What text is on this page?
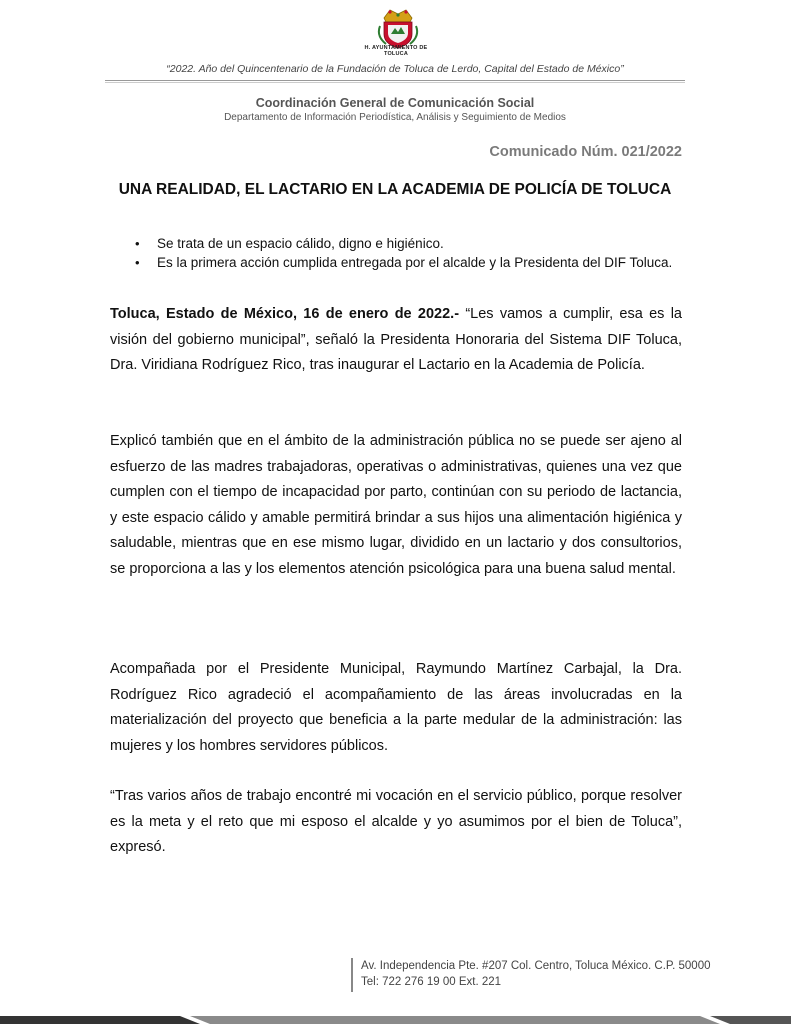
H. AYUNTAMIENTO DE TOLUCA
“2022. Año del Quincentenario de la Fundación de Toluca de Lerdo, Capital del Estado de México”
Coordinación General de Comunicación Social
Departamento de Información Periodística, Análisis y Seguimiento de Medios
Comunicado Núm. 021/2022
UNA REALIDAD, EL LACTARIO EN LA ACADEMIA DE POLICÍA DE TOLUCA
• Se trata de un espacio cálido, digno e higiénico.
• Es la primera acción cumplida entregada por el alcalde y la Presidenta del DIF Toluca.

Toluca, Estado de México, 16 de enero de 2022.- “Les vamos a cumplir, esa es la visión del gobierno municipal”, señaló la Presidenta Honoraria del Sistema DIF Toluca, Dra. Viridiana Rodríguez Rico, tras inaugurar el Lactario en la Academia de Policía.

Explicó también que en el ámbito de la administración pública no se puede ser ajeno al esfuerzo de las madres trabajadoras, operativas o administrativas, quienes una vez que cumplen con el tiempo de incapacidad por parto, continúan con su periodo de lactancia, y este espacio cálido y amable permitirá brindar a sus hijos una alimentación higiénica y saludable, mientras que en ese mismo lugar, dividido en un lactario y dos consultorios, se proporciona a las y los elementos atención psicológica para una buena salud mental.

Acompañada por el Presidente Municipal, Raymundo Martínez Carbajal, la Dra. Rodríguez Rico agradeció el acompañamiento de las áreas involucradas en la materialización del proyecto que beneficia a la parte medular de la administración: las mujeres y los hombres servidores públicos.

“Tras varios años de trabajo encontré mi vocación en el servicio público, porque resolver es la meta y el reto que mi esposo el alcalde y yo asumimos por el bien de Toluca”, expresó.

Av. Independencia Pte. #207 Col. Centro, Toluca México. C.P. 50000
Tel: 722 276 19 00 Ext. 221
